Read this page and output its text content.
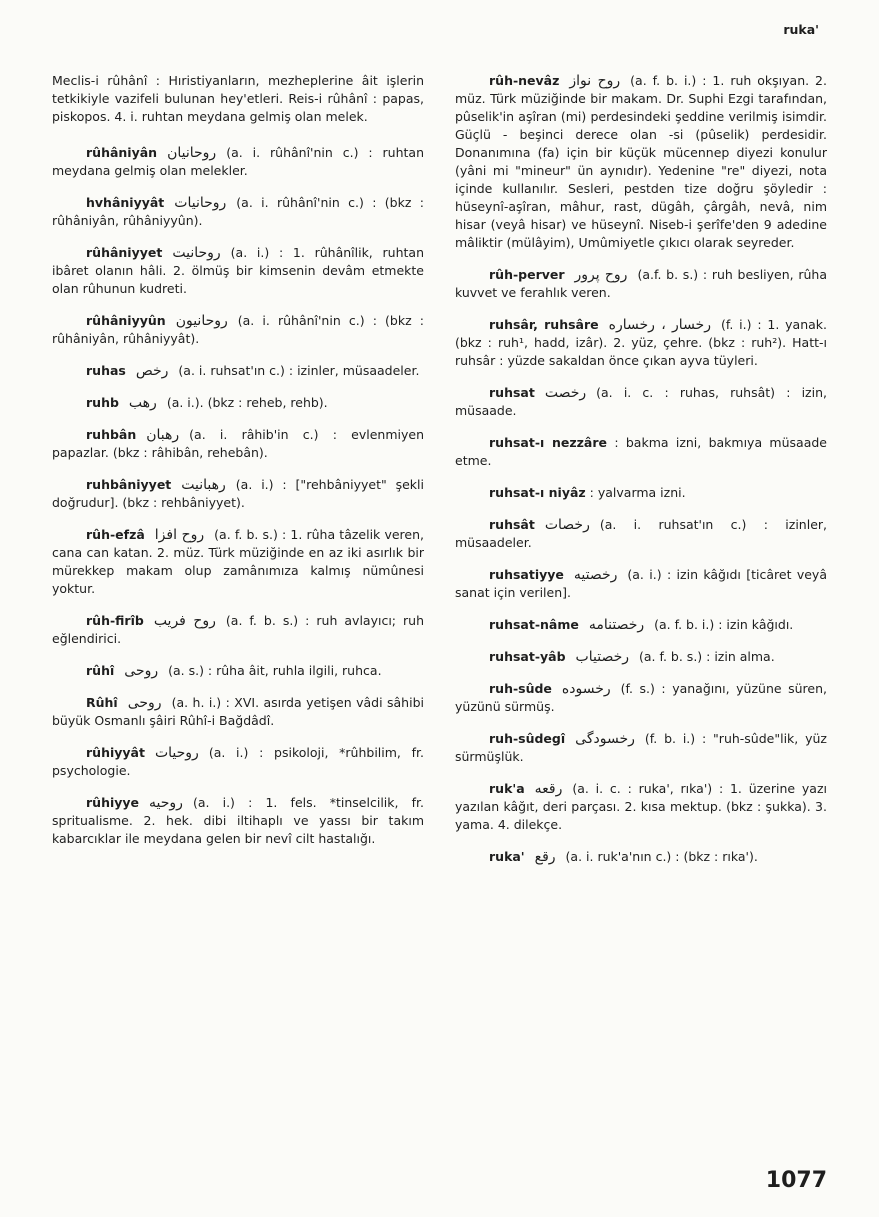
ruka'
Meclis-i rûhânî : Hıristiyanların, mezheplerine âit işlerin tetkikiyle vazifeli bulunan hey'etleri. Reis-i rûhânî : papas, piskopos. 4. i. ruhtan meydana gelmiş olan melek.
rûhâniyân روحانيان (a. i. rûhânî'nin c.) : ruhtan meydana gelmiş olan melekler.
hvhâniyyât روحانيات (a. i. rûhânî'nin c.) : (bkz : rûhâniyân, rûhâniyyûn).
rûhâniyyet روحانيت (a. i.) : 1. rûhânîlik, ruhtan ibâret olanın hâli. 2. ölmüş bir kimsenin devâm etmekte olan rûhunun kudreti.
rûhâniyyûn روحانيون (a. i. rûhânî'nin c.) : (bkz : rûhâniyân, rûhâniyyât).
ruhas رخص (a. i. ruhsat'ın c.) : izinler, müsaadeler.
ruhb رهب (a. i.). (bkz : reheb, rehb).
ruhbân رهبان (a. i. râhib'in c.) : evlenmiyen papazlar. (bkz : râhibân, rehebân).
ruhbâniyyet رهبانيت (a. i.) : ["rehbâniyyet" şekli doğrudur]. (bkz : rehbâniyyet).
rûh-efzâ روح افزا (a. f. b. s.) : 1. rûha tâzelik veren, cana can katan. 2. müz. Türk müziğinde en az iki asırlık bir mürekkep makam olup zamânımıza kalmış nümûnesi yoktur.
rûh-firîb روح فريب (a. f. b. s.) : ruh avlayıcı; ruh eğlendirici.
rûhî روحى (a. s.) : rûha âit, ruhla ilgili, ruhca.
Rûhî روحى (a. h. i.) : XVI. asırda yetişen vâdi sâhibi büyük Osmanlı şâiri Rûhî-i Bağdâdî.
rûhiyyât روحيات (a. i.) : psikoloji, *rûhbilim, fr. psychologie.
rûhiyye روحيه (a. i.) : 1. fels. *tinselcilik, fr. spritualisme. 2. hek. dibi iltihaplı ve yassı bir takım kabarcıklar ile meydana gelen bir nevî cilt hastalığı.
rûh-nevâz روح نواز (a. f. b. i.) : 1. ruh okşıyan. 2. müz. Türk müziğinde bir makam. Dr. Suphi Ezgi tarafından, pûselik'in aşîran (mi) perdesindeki şeddine verilmiş isimdir. Güçlü - beşinci derece olan -si (pûselik) perdesidir. Donanımına (fa) için bir küçük mücennep diyezi konulur (yâni mi "mineur" ün aynıdır). Yedenine "re" diyezi, nota içinde kullanılır. Sesleri, pestden tize doğru şöyledir : hüseynî-aşîran, mâhur, rast, dügâh, çârgâh, nevâ, nim hisar (veyâ hisar) ve hüseynî. Niseb-i şerîfe'den 9 adedine mâliktir (mülâyim), Umûmiyetle çıkıcı olarak seyreder.
rûh-perver روح پرور (a.f. b. s.) : ruh besliyen, rûha kuvvet ve ferahlık veren.
ruhsâr, ruhsâre رخسار ، رخساره (f. i.) : 1. yanak. (bkz : ruh¹, hadd, izâr). 2. yüz, çehre. (bkz : ruh²). Hatt-ı ruhsâr : yüzde sakaldan önce çıkan ayva tüyleri.
ruhsat رخصت (a. i. c. : ruhas, ruhsât) : izin, müsaade.
ruhsat-ı nezzâre : bakma izni, bakmıya müsaade etme.
ruhsat-ı niyâz : yalvarma izni.
ruhsât رخصات (a. i. ruhsat'ın c.) : izinler, müsaadeler.
ruhsatiyye رخصتيه (a. i.) : izin kâğıdı [ticâret veyâ sanat için verilen].
ruhsat-nâme رخصتنامه (a. f. b. i.) : izin kâğıdı.
ruhsat-yâb رخصتياب (a. f. b. s.) : izin alma.
ruh-sûde رخسوده (f. s.) : yanağını, yüzüne süren, yüzünü sürmüş.
ruh-sûdegî رخسودگى (f. b. i.) : "ruh-sûde"lik, yüz sürmüşlük.
ruk'a رقعه (a. i. c. : ruka', rıka') : 1. üzerine yazı yazılan kâğıt, deri parçası. 2. kısa mektup. (bkz : şukka). 3. yama. 4. dilekçe.
ruka' رقع (a. i. ruk'a'nın c.) : (bkz : rıka').
1077
